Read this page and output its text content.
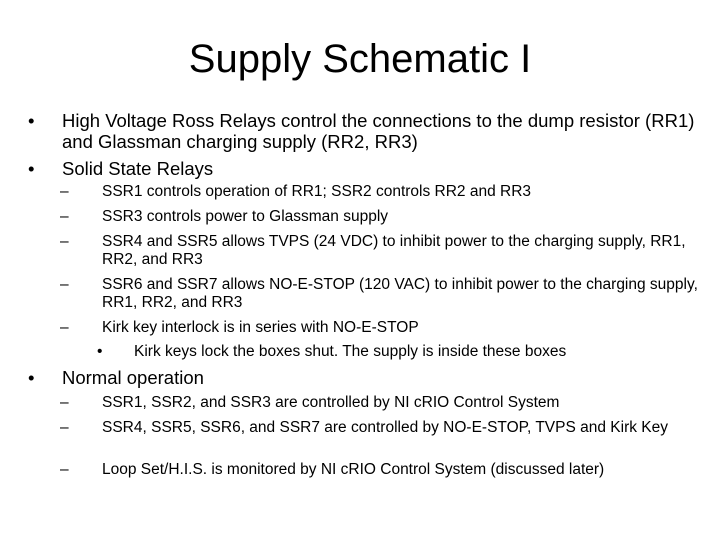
Supply Schematic I

•	High Voltage Ross Relays control the connections to the dump resistor (RR1) and Glassman charging supply (RR2, RR3)

•	Solid State Relays

–	SSR1 controls operation of RR1; SSR2 controls RR2 and RR3

–	SSR3 controls power to Glassman supply

–	SSR4 and SSR5 allows TVPS (24 VDC) to inhibit power to the charging supply, RR1, RR2, and RR3

–	SSR6 and SSR7 allows NO-E-STOP (120 VAC) to inhibit power to the charging supply, RR1, RR2, and RR3

–	Kirk key interlock is in series with NO-E-STOP

•	Kirk keys lock the boxes shut. The supply is inside these boxes

•	Normal operation

–	SSR1, SSR2, and SSR3 are controlled by NI cRIO Control System

–	SSR4, SSR5, SSR6, and SSR7 are controlled by NO-E-STOP, TVPS and Kirk Key

–	Loop Set/H.I.S. is monitored by NI cRIO Control System (discussed later)
